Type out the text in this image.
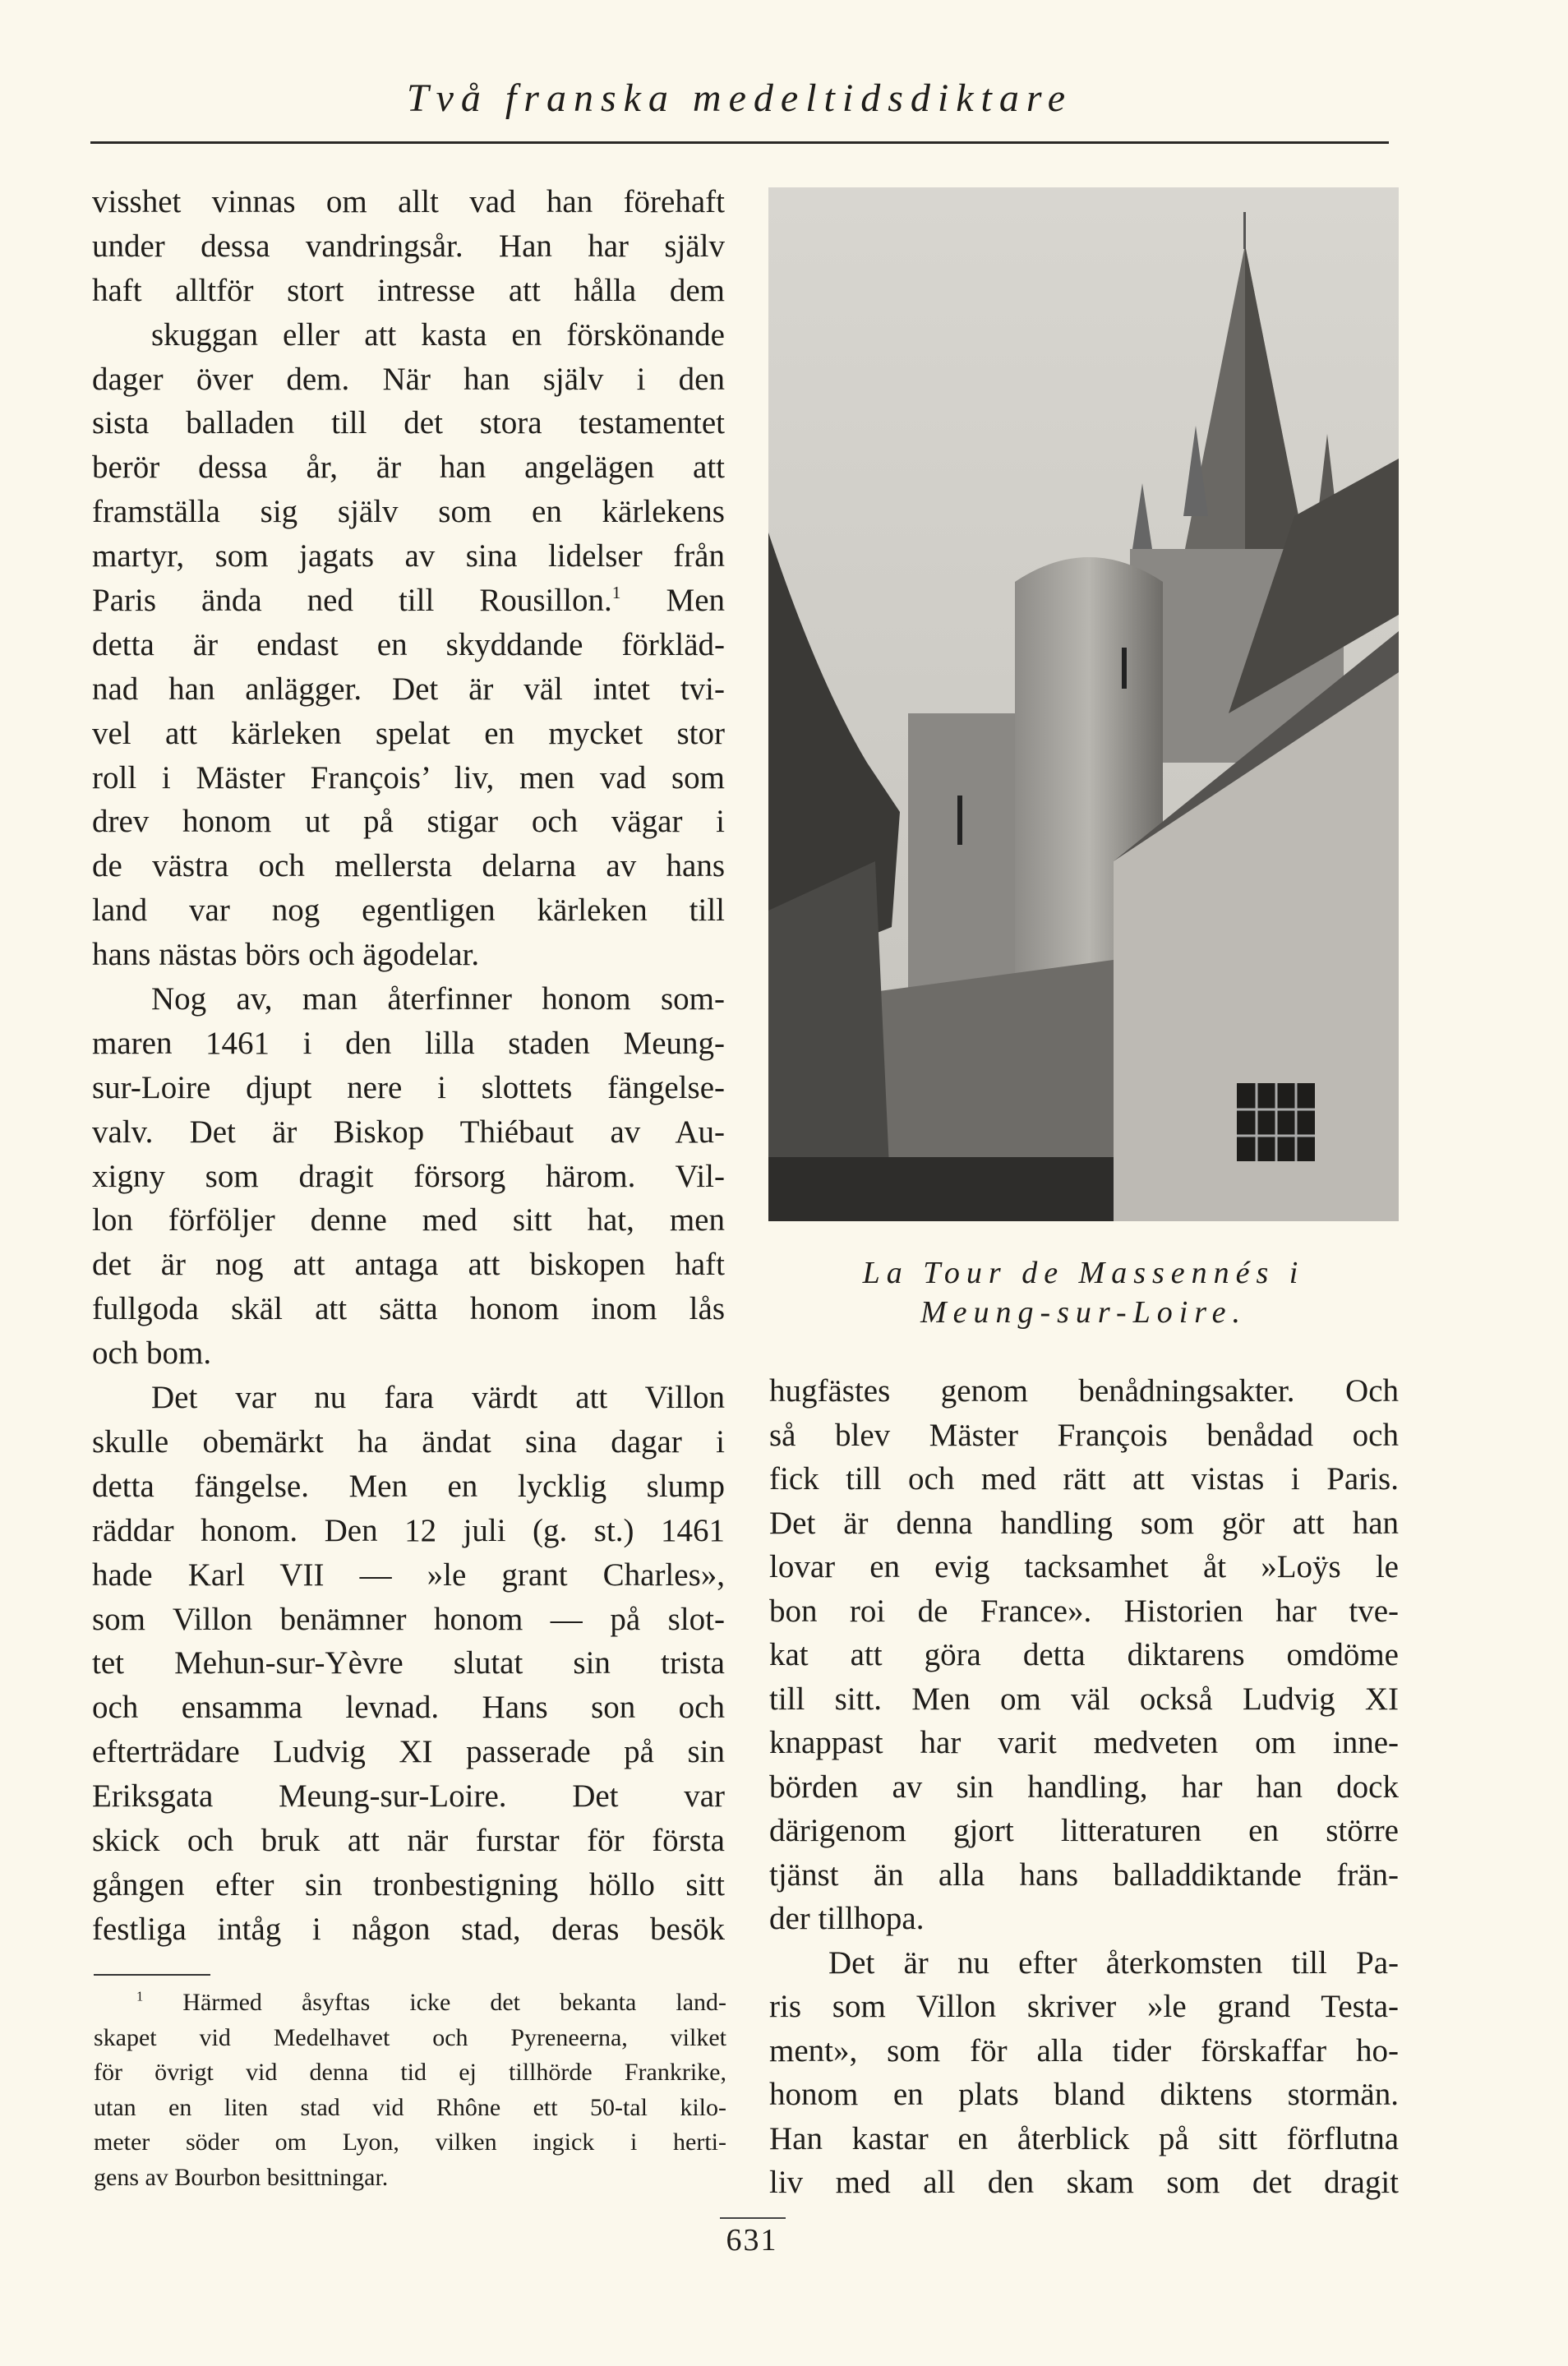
Två franska medeltidsdiktare
visshet vinnas om allt vad han förehaft
under dessa vandringsår. Han har själv
haft alltför stort intresse att hålla dem
skuggan eller att kasta en förskönande
dager över dem. När han själv i den
sista balladen till det stora testamentet
berör dessa år, är han angelägen att
framställa sig själv som en kärlekens
martyr, som jagats av sina lidelser från
Paris ända ned till Rousillon.$^1$ Men
detta är endast en skyddande förkläd-
nad han anlägger. Det är väl intet tvi-
vel att kärleken spelat en mycket stor
roll i Mäster François’ liv, men vad som
drev honom ut på stigar och vägar i
de västra och mellersta delarna av hans
land var nog egentligen kärleken till
hans nästas börs och ägodelar.
Nog av, man återfinner honom som-
maren 1461 i den lilla staden Meung-
sur-Loire djupt nere i slottets fängelse-
valv. Det är Biskop Thiébaut av Au-
xigny som dragit försorg härom. Vil-
lon förföljer denne med sitt hat, men
det är nog att antaga att biskopen haft
fullgoda skäl att sätta honom inom lås
och bom.
Det var nu fara värdt att Villon
skulle obemärkt ha ändat sina dagar i
detta fängelse. Men en lycklig slump
räddar honom. Den 12 juli (g. st.) 1461
hade Karl VII — »le grant Charles»,
som Villon benämner honom — på slot-
tet Mehun-sur-Yèvre slutat sin trista
och ensamma levnad. Hans son och
efterträdare Ludvig XI passerade på sin
Eriksgata Meung-sur-Loire. Det var
skick och bruk att när furstar för första
gången efter sin tronbestigning höllo sitt
festliga intåg i någon stad, deras besök
La Tour de Massennés i
Meung-sur-Loire.
hugfästes genom benådningsakter. Och
så blev Mäster François benådad och
fick till och med rätt att vistas i Paris.
Det är denna handling som gör att han
lovar en evig tacksamhet åt »Loÿs le
bon roi de France». Historien har tve-
kat att göra detta diktarens omdöme
till sitt. Men om väl också Ludvig XI
knappast har varit medveten om inne-
börden av sin handling, har han dock
därigenom gjort litteraturen en större
tjänst än alla hans balladdiktande frän-
der tillhopa.
Det är nu efter återkomsten till Pa-
ris som Villon skriver »le grand Testa-
ment», som för alla tider förskaffar ho-
honom en plats bland diktens stormän.
Han kastar en återblick på sitt förflutna
liv med all den skam som det dragit
$^1$ Härmed åsyftas icke det bekanta land-
skapet vid Medelhavet och Pyreneerna, vilket
för övrigt vid denna tid ej tillhörde Frankrike,
utan en liten stad vid Rhône ett 50-tal kilo-
meter söder om Lyon, vilken ingick i herti-
gens av Bourbon besittningar.
631
